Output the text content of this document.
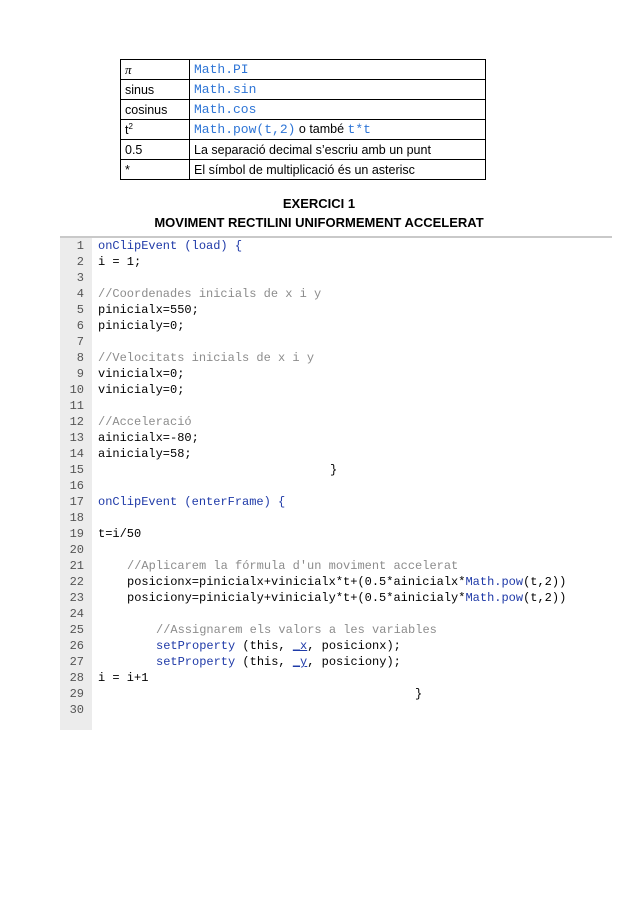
π	Math.PI
sinus	Math.sin
cosinus	Math.cos
$t^2$	Math.pow(t,2) o també t*t
0.5	La separació decimal s’escriu amb un punt
*	El símbol de multiplicació és un asterisc
EXERCICI 1
MOVIMENT RECTILINI UNIFORMEMENT ACCELERAT
1 onClipEvent (load) {
2 i = 1;
3
4 //Coordenades inicials de x i y
5 pinicialx=550;
6 pinicialy=0;
7
8 //Velocitats inicials de x i y
9 vinicialx=0;
10 vinicialy=0;
11
12 //Acceleració
13 ainicialx=-80;
14 ainicialy=58;
15	}
16
17 onClipEvent (enterFrame) {
18
19 t=i/50
20
21	//Aplicarem la fórmula d'un moviment accelerat
22	posicionx=pinicialx+vinicialx*t+(0.5*ainicialx*Math.pow(t,2))
23	posiciony=pinicialy+vinicialy*t+(0.5*ainicialy*Math.pow(t,2))
24
25	//Assignarem els valors a les variables
26	setProperty (this, _x, posicionx);
27	setProperty (this, _y, posiciony);
28 i = i+1
29	}
30
